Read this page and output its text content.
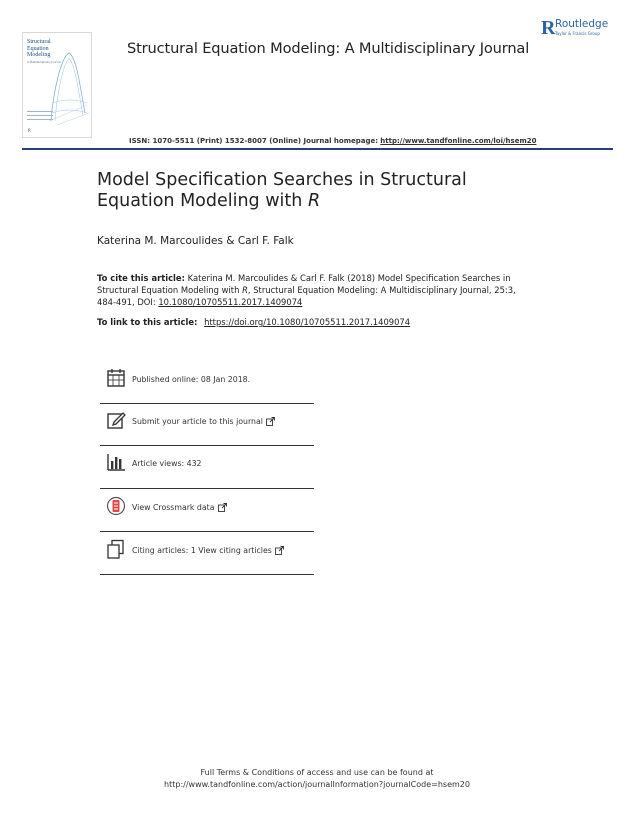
Structural Equation Modeling
A Multidisciplinary Journal
R
Structural Equation Modeling: A Multidisciplinary Journal
R Routledge
Taylor & Francis Group
ISSN: 1070-5511 (Print) 1532-8007 (Online) Journal homepage: http://www.tandfonline.com/loi/hsem20
Model Specification Searches in Structural
Equation Modeling with R
Katerina M. Marcoulides & Carl F. Falk

To cite this article: Katerina M. Marcoulides & Carl F. Falk (2018) Model Specification Searches in Structural Equation Modeling with R, Structural Equation Modeling: A Multidisciplinary Journal, 25:3, 484-491, DOI: 10.1080/10705511.2017.1409074

To link to this article: https://doi.org/10.1080/10705511.2017.1409074
Published online: 08 Jan 2018.
Submit your article to this journal
Article views: 432
View Crossmark data
Citing articles: 1 View citing articles
Full Terms & Conditions of access and use can be found at
http://www.tandfonline.com/action/journalInformation?journalCode=hsem20
